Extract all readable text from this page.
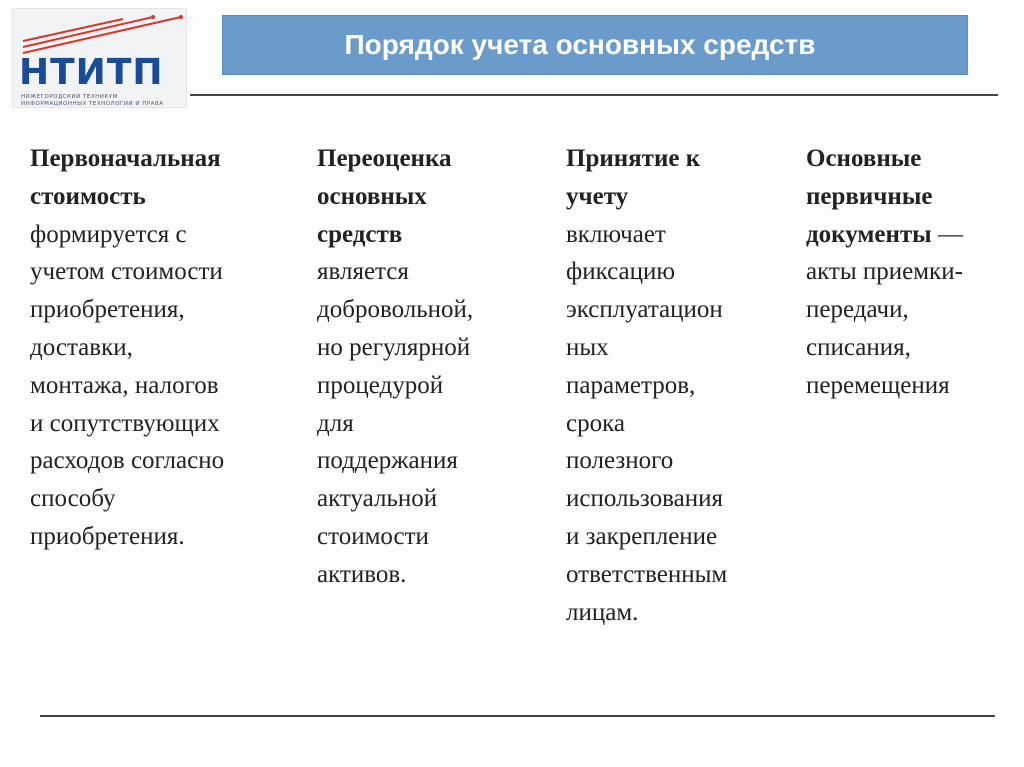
НТИТП
НИЖЕГОРОДСКИЙ ТЕХНИКУМ
ИНФОРМАЦИОННЫХ ТЕХНОЛОГИЙ И ПРАВА
Порядок учета основных средств

Первоначальная
стоимость

формируется с
учетом стоимости
приобретения,
доставки,
монтажа, налогов
и сопутствующих
расходов согласно
способу
приобретения.

Переоценка
основных
средств

является
добровольной,
но регулярной
процедурой
для
поддержания
актуальной
стоимости
активов.

Принятие к
учету

включает
фиксацию
эксплуатацион
ных
параметров,
срока
полезного
использования
и закрепление
ответственным
лицам.

Основные
первичные
документы —

акты приемки-
передачи,
списания,
перемещения
